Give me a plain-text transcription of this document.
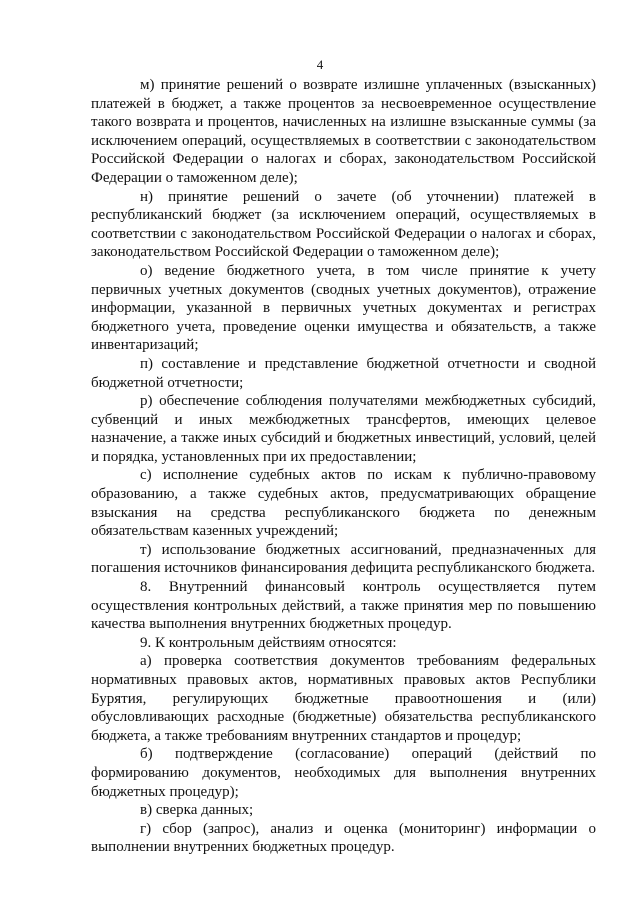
4

м) принятие решений о возврате излишне уплаченных (взысканных) платежей в бюджет, а также процентов за несвоевременное осуществление такого возврата и процентов, начисленных на излишне взысканные суммы (за исключением операций, осуществляемых в соответствии с законодательством Российской Федерации о налогах и сборах, законодательством Российской Федерации о таможенном деле);

н) принятие решений о зачете (об уточнении) платежей в республиканский бюджет (за исключением операций, осуществляемых в соответствии с законодательством Российской Федерации о налогах и сборах, законодательством Российской Федерации о таможенном деле);

о) ведение бюджетного учета, в том числе принятие к учету первичных учетных документов (сводных учетных документов), отражение информации, указанной в первичных учетных документах и регистрах бюджетного учета, проведение оценки имущества и обязательств, а также инвентаризаций;

п) составление и представление бюджетной отчетности и сводной бюджетной отчетности;

р) обеспечение соблюдения получателями межбюджетных субсидий, субвенций и иных межбюджетных трансфертов, имеющих целевое назначение, а также иных субсидий и бюджетных инвестиций, условий, целей и порядка, установленных при их предоставлении;

с) исполнение судебных актов по искам к публично-правовому образованию, а также судебных актов, предусматривающих обращение взыскания на средства республиканского бюджета по денежным обязательствам казенных учреждений;

т) использование бюджетных ассигнований, предназначенных для погашения источников финансирования дефицита республиканского бюджета.

8. Внутренний финансовый контроль осуществляется путем осуществления контрольных действий, а также принятия мер по повышению качества выполнения внутренних бюджетных процедур.

9. К контрольным действиям относятся:

а) проверка соответствия документов требованиям федеральных нормативных правовых актов, нормативных правовых актов Республики Бурятия, регулирующих бюджетные правоотношения и (или) обусловливающих расходные (бюджетные) обязательства республиканского бюджета, а также требованиям внутренних стандартов и процедур;

б) подтверждение (согласование) операций (действий по формированию документов, необходимых для выполнения внутренних бюджетных процедур);

в) сверка данных;

г) сбор (запрос), анализ и оценка (мониторинг) информации о выполнении внутренних бюджетных процедур.
